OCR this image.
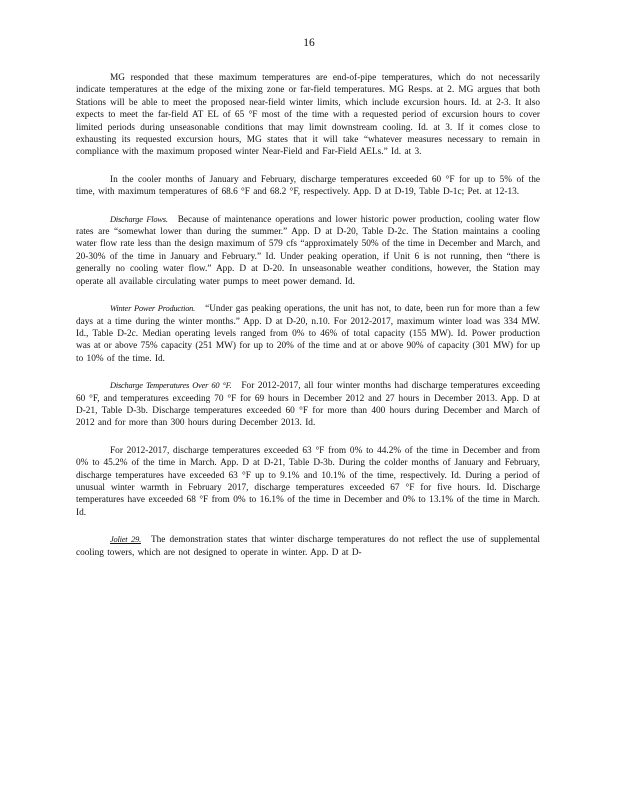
16

MG responded that these maximum temperatures are end-of-pipe temperatures, which do not necessarily indicate temperatures at the edge of the mixing zone or far-field temperatures. MG Resps. at 2. MG argues that both Stations will be able to meet the proposed near-field winter limits, which include excursion hours. Id. at 2-3. It also expects to meet the far-field AT EL of 65 °F most of the time with a requested period of excursion hours to cover limited periods during unseasonable conditions that may limit downstream cooling. Id. at 3. If it comes close to exhausting its requested excursion hours, MG states that it will take “whatever measures necessary to remain in compliance with the maximum proposed winter Near-Field and Far-Field AELs.” Id. at 3.

In the cooler months of January and February, discharge temperatures exceeded 60 °F for up to 5% of the time, with maximum temperatures of 68.6 °F and 68.2 °F, respectively. App. D at D-19, Table D-1c; Pet. at 12-13.

Discharge Flows. Because of maintenance operations and lower historic power production, cooling water flow rates are “somewhat lower than during the summer.” App. D at D-20, Table D-2c. The Station maintains a cooling water flow rate less than the design maximum of 579 cfs “approximately 50% of the time in December and March, and 20-30% of the time in January and February.” Id. Under peaking operation, if Unit 6 is not running, then “there is generally no cooling water flow.” App. D at D-20. In unseasonable weather conditions, however, the Station may operate all available circulating water pumps to meet power demand. Id.

Winter Power Production. “Under gas peaking operations, the unit has not, to date, been run for more than a few days at a time during the winter months.” App. D at D-20, n.10. For 2012-2017, maximum winter load was 334 MW. Id., Table D-2c. Median operating levels ranged from 0% to 46% of total capacity (155 MW). Id. Power production was at or above 75% capacity (251 MW) for up to 20% of the time and at or above 90% of capacity (301 MW) for up to 10% of the time. Id.

Discharge Temperatures Over 60 °F. For 2012-2017, all four winter months had discharge temperatures exceeding 60 °F, and temperatures exceeding 70 °F for 69 hours in December 2012 and 27 hours in December 2013. App. D at D-21, Table D-3b. Discharge temperatures exceeded 60 °F for more than 400 hours during December and March of 2012 and for more than 300 hours during December 2013. Id.

For 2012-2017, discharge temperatures exceeded 63 °F from 0% to 44.2% of the time in December and from 0% to 45.2% of the time in March. App. D at D-21, Table D-3b. During the colder months of January and February, discharge temperatures have exceeded 63 °F up to 9.1% and 10.1% of the time, respectively. Id. During a period of unusual winter warmth in February 2017, discharge temperatures exceeded 67 °F for five hours. Id. Discharge temperatures have exceeded 68 °F from 0% to 16.1% of the time in December and 0% to 13.1% of the time in March. Id.

Joliet 29. The demonstration states that winter discharge temperatures do not reflect the use of supplemental cooling towers, which are not designed to operate in winter. App. D at D-
